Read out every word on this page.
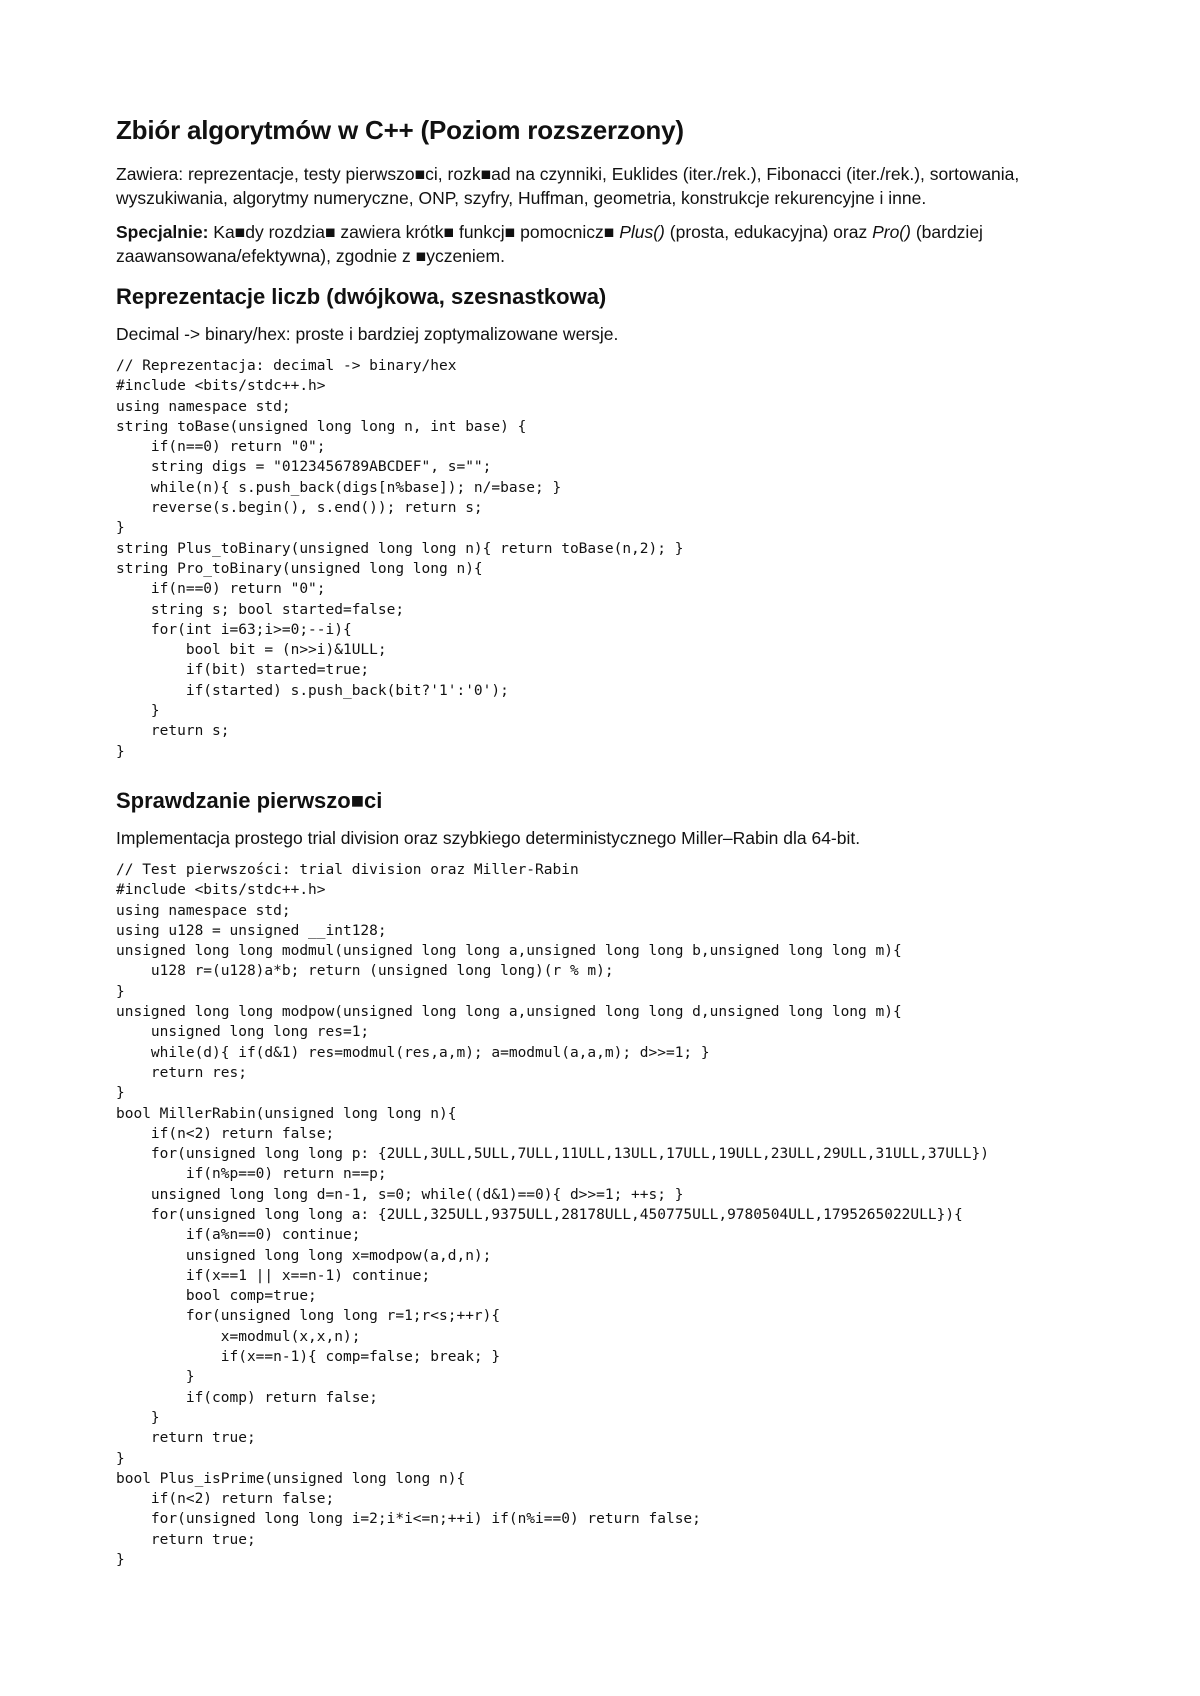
Zbiór algorytmów w C++ (Poziom rozszerzony)

Zawiera: reprezentacje, testy pierwszo■ci, rozk■ad na czynniki, Euklides (iter./rek.), Fibonacci (iter./rek.), sortowania, wyszukiwania, algorytmy numeryczne, ONP, szyfry, Huffman, geometria, konstrukcje rekurencyjne i inne.

Specjalnie: Ka■dy rozdzia■ zawiera krótk■ funkcj■ pomocnicz■ Plus() (prosta, edukacyjna) oraz Pro() (bardziej zaawansowana/efektywna), zgodnie z ■yczeniem.

Reprezentacje liczb (dwójkowa, szesnastkowa)

Decimal -> binary/hex: proste i bardziej zoptymalizowane wersje.

// Reprezentacja: decimal -> binary/hex
#include <bits/stdc++.h>
using namespace std;
string toBase(unsigned long long n, int base) {
if(n==0) return "0";
string digs = "0123456789ABCDEF", s="";
while(n){ s.push_back(digs[n%base]); n/=base; }
reverse(s.begin(), s.end()); return s;
}
string Plus_toBinary(unsigned long long n){ return toBase(n,2); }
string Pro_toBinary(unsigned long long n){
if(n==0) return "0";
string s; bool started=false;
for(int i=63;i>=0;--i){
bool bit = (n>>i)&1ULL;
if(bit) started=true;
if(started) s.push_back(bit?'1':'0');
}
return s;
}
Sprawdzanie pierwszo■ci

Implementacja prostego trial division oraz szybkiego deterministycznego Miller–Rabin dla 64-bit.

// Test pierwszości: trial division oraz Miller-Rabin
#include <bits/stdc++.h>
using namespace std;
using u128 = unsigned __int128;
unsigned long long modmul(unsigned long long a,unsigned long long b,unsigned long long m){
u128 r=(u128)a*b; return (unsigned long long)(r % m);
}
unsigned long long modpow(unsigned long long a,unsigned long long d,unsigned long long m){
unsigned long long res=1;
while(d){ if(d&1) res=modmul(res,a,m); a=modmul(a,a,m); d>>=1; }
return res;
}
bool MillerRabin(unsigned long long n){
if(n<2) return false;
for(unsigned long long p: {2ULL,3ULL,5ULL,7ULL,11ULL,13ULL,17ULL,19ULL,23ULL,29ULL,31ULL,37ULL})
if(n%p==0) return n==p;
unsigned long long d=n-1, s=0; while((d&1)==0){ d>>=1; ++s; }
for(unsigned long long a: {2ULL,325ULL,9375ULL,28178ULL,450775ULL,9780504ULL,1795265022ULL}){
if(a%n==0) continue;
unsigned long long x=modpow(a,d,n);
if(x==1 || x==n-1) continue;
bool comp=true;
for(unsigned long long r=1;r<s;++r){
x=modmul(x,x,n);
if(x==n-1){ comp=false; break; }
}
if(comp) return false;
}
return true;
}
bool Plus_isPrime(unsigned long long n){
if(n<2) return false;
for(unsigned long long i=2;i*i<=n;++i) if(n%i==0) return false;
return true;
}
